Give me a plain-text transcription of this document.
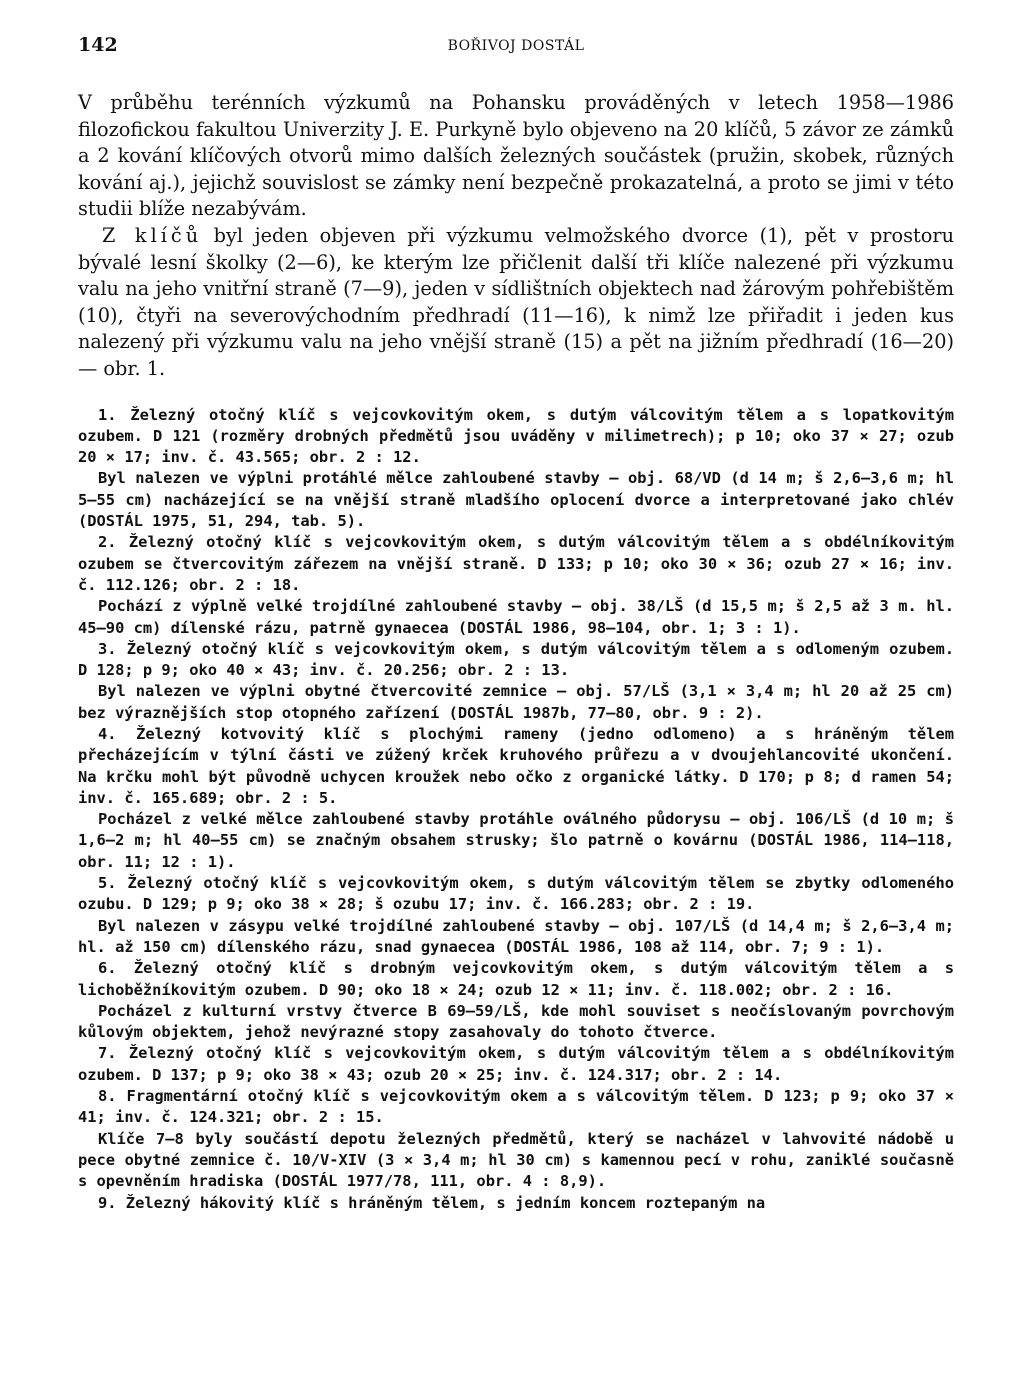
142	BOŘIVOJ DOSTÁL

V průběhu terénních výzkumů na Pohansku prováděných v letech 1958—1986 filozofickou fakultou Univerzity J. E. Purkyně bylo objeveno na 20 klíčů, 5 závor ze zámků a 2 kování klíčových otvorů mimo dalších železných součástek (pružin, skobek, různých kování aj.), jejichž souvislost se zámky není bezpečně prokazatelná, a proto se jimi v této studii blíže nezabývám.

Z klíčů byl jeden objeven při výzkumu velmožského dvorce (1), pět v prostoru bývalé lesní školky (2—6), ke kterým lze přičlenit další tři klíče nalezené při výzkumu valu na jeho vnitřní straně (7—9), jeden v sídlištních objektech nad žárovým pohřebištěm (10), čtyři na severovýchodním předhradí (11—16), k nimž lze přiřadit i jeden kus nalezený při výzkumu valu na jeho vnější straně (15) a pět na jižním předhradí (16—20) — obr. 1.

1. Železný otočný klíč s vejcovkovitým okem, s dutým válcovitým tělem a s lopatkovitým ozubem. D 121 (rozměry drobných předmětů jsou uváděny v milimetrech); p 10; oko 37 × 27; ozub 20 × 17; inv. č. 43.565; obr. 2 : 12.

Byl nalezen ve výplni protáhlé mělce zahloubené stavby — obj. 68/VD (d 14 m; š 2,6—3,6 m; hl 5—55 cm) nacházející se na vnější straně mladšího oplocení dvorce a interpretované jako chlév (DOSTÁL 1975, 51, 294, tab. 5).

2. Železný otočný klíč s vejcovkovitým okem, s dutým válcovitým tělem a s obdélníkovitým ozubem se čtvercovitým zářezem na vnější straně. D 133; p 10; oko 30 × 36; ozub 27 × 16; inv. č. 112.126; obr. 2 : 18.

Pochází z výplně velké trojdílné zahloubené stavby — obj. 38/LŠ (d 15,5 m; š 2,5 až 3 m. hl. 45—90 cm) dílenské rázu, patrně gynaecea (DOSTÁL 1986, 98—104, obr. 1; 3 : 1).

3. Železný otočný klíč s vejcovkovitým okem, s dutým válcovitým tělem a s odlomeným ozubem. D 128; p 9; oko 40 × 43; inv. č. 20.256; obr. 2 : 13.

Byl nalezen ve výplni obytné čtvercovité zemnice — obj. 57/LŠ (3,1 × 3,4 m; hl 20 až 25 cm) bez výraznějších stop otopného zařízení (DOSTÁL 1987b, 77—80, obr. 9 : 2).

4. Železný kotvovitý klíč s plochými rameny (jedno odlomeno) a s hráněným tělem přecházejícím v týlní části ve zúžený krček kruhového průřezu a v dvoujehlancovité ukončení. Na krčku mohl být původně uchycen kroužek nebo očko z organické látky. D 170; p 8; d ramen 54; inv. č. 165.689; obr. 2 : 5.

Pocházel z velké mělce zahloubené stavby protáhle oválného půdorysu — obj. 106/LŠ (d 10 m; š 1,6—2 m; hl 40—55 cm) se značným obsahem strusky; šlo patrně o kovárnu (DOSTÁL 1986, 114—118, obr. 11; 12 : 1).

5. Železný otočný klíč s vejcovkovitým okem, s dutým válcovitým tělem se zbytky odlomeného ozubu. D 129; p 9; oko 38 × 28; š ozubu 17; inv. č. 166.283; obr. 2 : 19.

Byl nalezen v zásypu velké trojdílné zahloubené stavby — obj. 107/LŠ (d 14,4 m; š 2,6—3,4 m; hl. až 150 cm) dílenského rázu, snad gynaecea (DOSTÁL 1986, 108 až 114, obr. 7; 9 : 1).

6. Železný otočný klíč s drobným vejcovkovitým okem, s dutým válcovitým tělem a s lichoběžníkovitým ozubem. D 90; oko 18 × 24; ozub 12 × 11; inv. č. 118.002; obr. 2 : 16.

Pocházel z kulturní vrstvy čtverce B 69—59/LŠ, kde mohl souviset s neočíslovaným povrchovým kůlovým objektem, jehož nevýrazné stopy zasahovaly do tohoto čtverce.

7. Železný otočný klíč s vejcovkovitým okem, s dutým válcovitým tělem a s obdélníkovitým ozubem. D 137; p 9; oko 38 × 43; ozub 20 × 25; inv. č. 124.317; obr. 2 : 14.

8. Fragmentární otočný klíč s vejcovkovitým okem a s válcovitým tělem. D 123; p 9; oko 37 × 41; inv. č. 124.321; obr. 2 : 15.

Klíče 7—8 byly součástí depotu železných předmětů, který se nacházel v lahvovité nádobě u pece obytné zemnice č. 10/V-XIV (3 × 3,4 m; hl 30 cm) s kamennou pecí v rohu, zaniklé současně s opevněním hradiska (DOSTÁL 1977/78, 111, obr. 4 : 8,9).

9. Železný hákovitý klíč s hráněným tělem, s jedním koncem roztepaným na
